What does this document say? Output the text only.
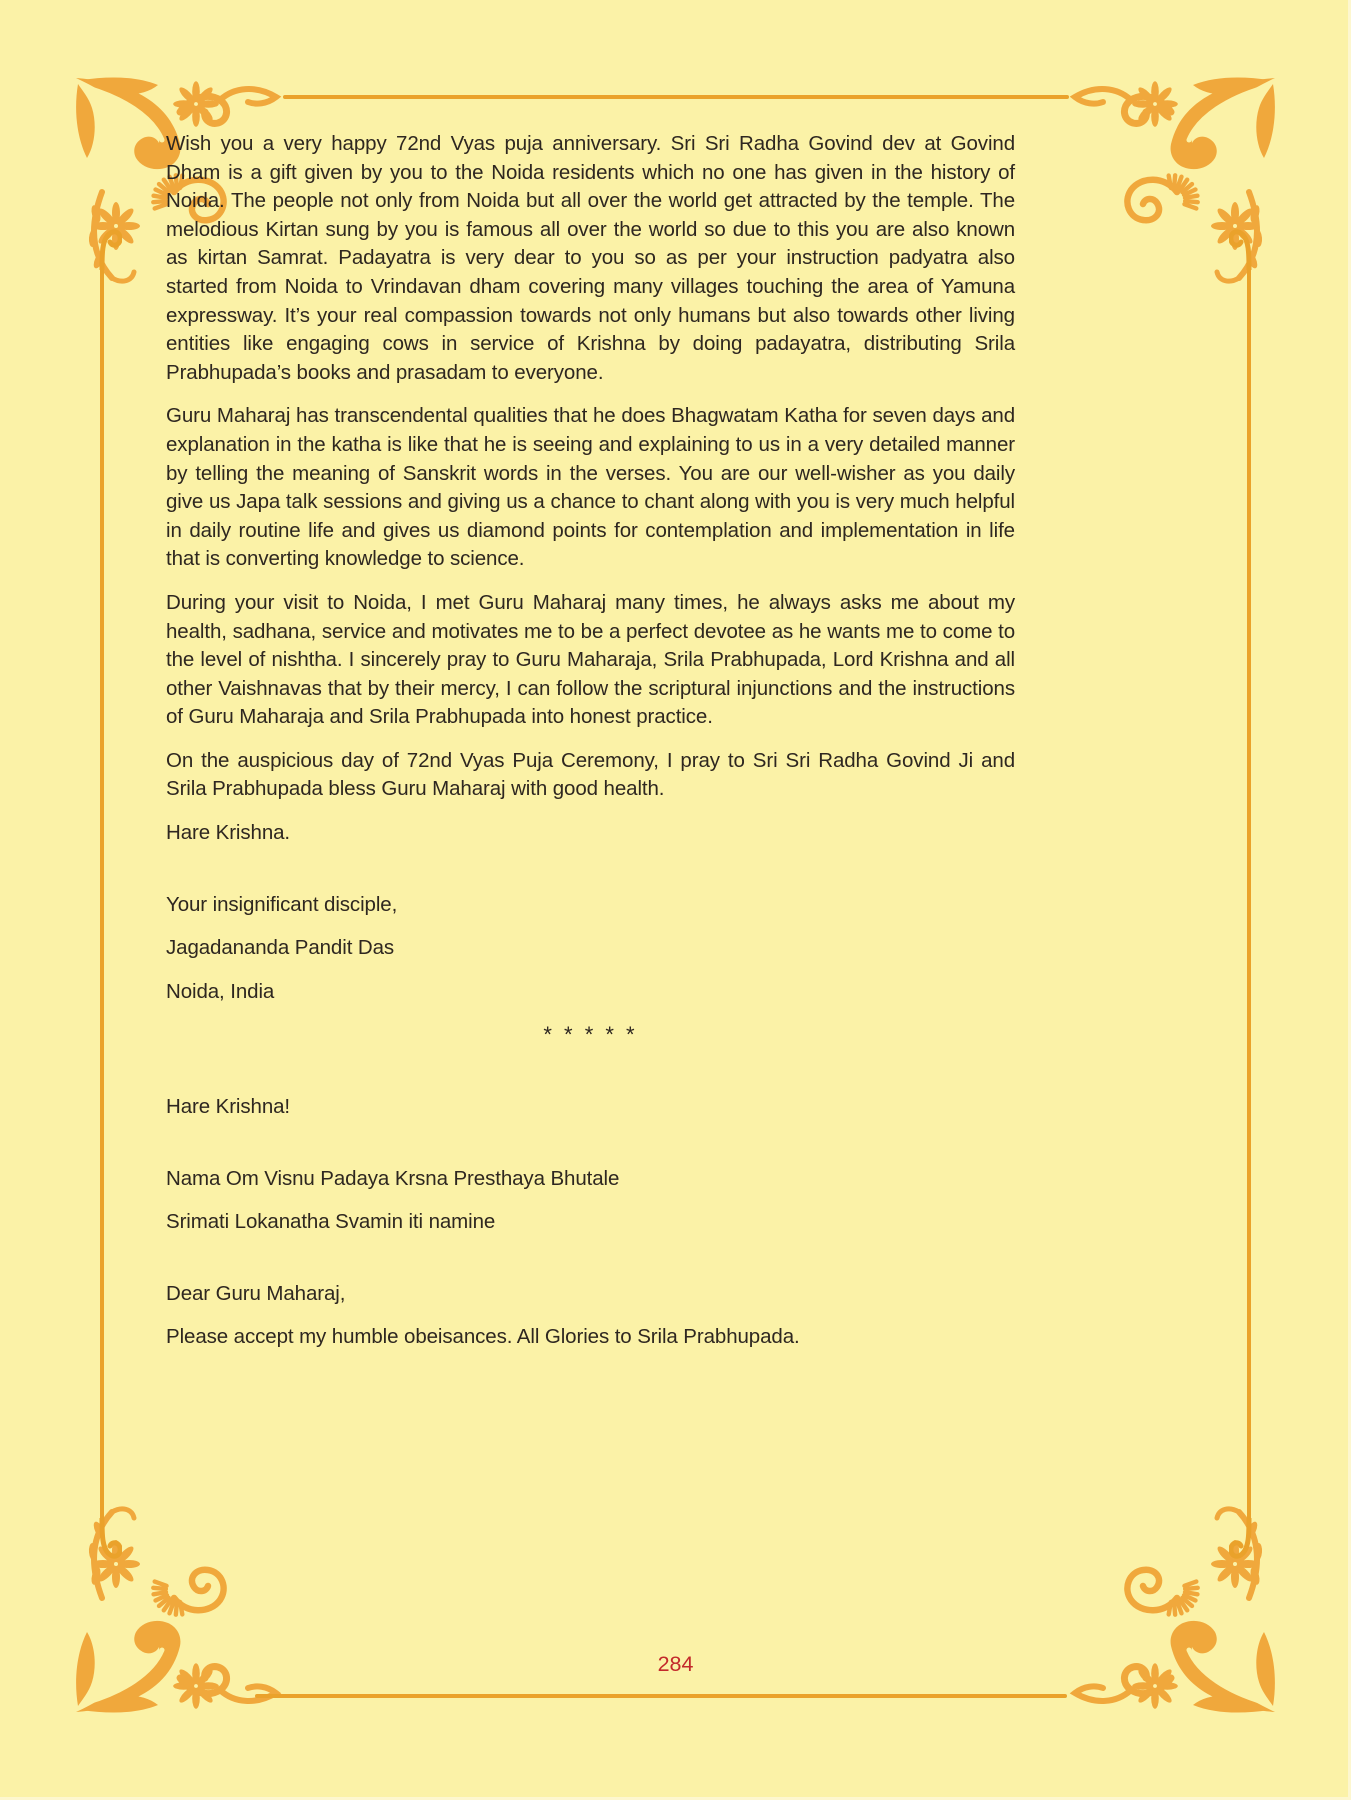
Wish you a very happy 72nd Vyas puja anniversary. Sri Sri Radha Govind dev at Govind Dham is a gift given by you to the Noida residents which no one has given in the history of Noida. The people not only from Noida but all over the world get attracted by the temple. The melodious Kirtan sung by you is famous all over the world so due to this you are also known as kirtan Samrat. Padayatra is very dear to you so as per your instruction padyatra also started from Noida to Vrindavan dham covering many villages touching the area of Yamuna expressway. It’s your real compassion towards not only humans but also towards other living entities like engaging cows in service of Krishna by doing padayatra, distributing Srila Prabhupada’s books and prasadam to everyone.

Guru Maharaj has transcendental qualities that he does Bhagwatam Katha for seven days and explanation in the katha is like that he is seeing and explaining to us in a very detailed manner by telling the meaning of Sanskrit words in the verses. You are our well-wisher as you daily give us Japa talk sessions and giving us a chance to chant along with you is very much helpful in daily routine life and gives us diamond points for contemplation and implementation in life that is converting knowledge to science.

During your visit to Noida, I met Guru Maharaj many times, he always asks me about my health, sadhana, service and motivates me to be a perfect devotee as he wants me to come to the level of nishtha. I sincerely pray to Guru Maharaja, Srila Prabhupada, Lord Krishna and all other Vaishnavas that by their mercy, I can follow the scriptural injunctions and the instructions of Guru Maharaja and Srila Prabhupada into honest practice.

On the auspicious day of 72nd Vyas Puja Ceremony, I pray to Sri Sri Radha Govind Ji and Srila Prabhupada bless Guru Maharaj with good health.

Hare Krishna.

Your insignificant disciple,

Jagadananda Pandit Das

Noida, India

* * * * *

Hare Krishna!

Nama Om Visnu Padaya Krsna Presthaya Bhutale

Srimati Lokanatha Svamin iti namine

Dear Guru Maharaj,

Please accept my humble obeisances. All Glories to Srila Prabhupada.

284
